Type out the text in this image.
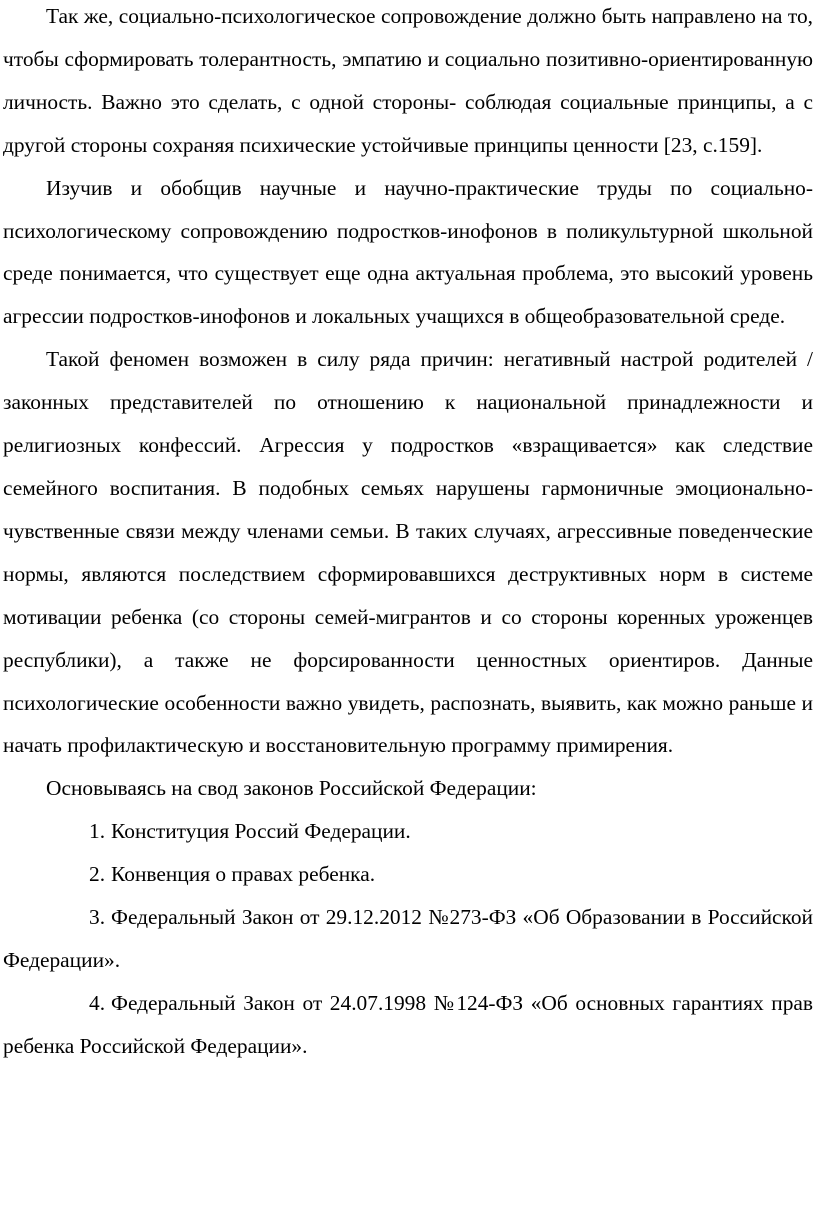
Так же, социально-психологическое сопровождение должно быть направлено на то, чтобы сформировать толерантность, эмпатию и социально позитивно-ориентированную личность. Важно это сделать, с одной стороны- соблюдая социальные принципы, а с другой стороны сохраняя психические устойчивые принципы ценности [23, с.159].

Изучив и обобщив научные и научно-практические труды по социально-психологическому сопровождению подростков-инофонов в поликультурной школьной среде понимается, что существует еще одна актуальная проблема, это высокий уровень агрессии подростков-инофонов и локальных учащихся в общеобразовательной среде.

Такой феномен возможен в силу ряда причин: негативный настрой родителей / законных представителей по отношению к национальной принадлежности и религиозных конфессий. Агрессия у подростков «взращивается» как следствие семейного воспитания. В подобных семьях нарушены гармоничные эмоционально-чувственные связи между членами семьи. В таких случаях, агрессивные поведенческие нормы, являются последствием сформировавшихся деструктивных норм в системе мотивации ребенка (со стороны семей-мигрантов и со стороны коренных уроженцев республики), а также не форсированности ценностных ориентиров. Данные психологические особенности важно увидеть, распознать, выявить, как можно раньше и начать профилактическую и восстановительную программу примирения.

Основываясь на свод законов Российской Федерации:

1. Конституция Россий Федерации.

2. Конвенция о правах ребенка.

3. Федеральный Закон от 29.12.2012 №273-ФЗ «Об Образовании в Российской Федерации».

4. Федеральный Закон от 24.07.1998 №124-ФЗ «Об основных гарантиях прав ребенка Российской Федерации».
